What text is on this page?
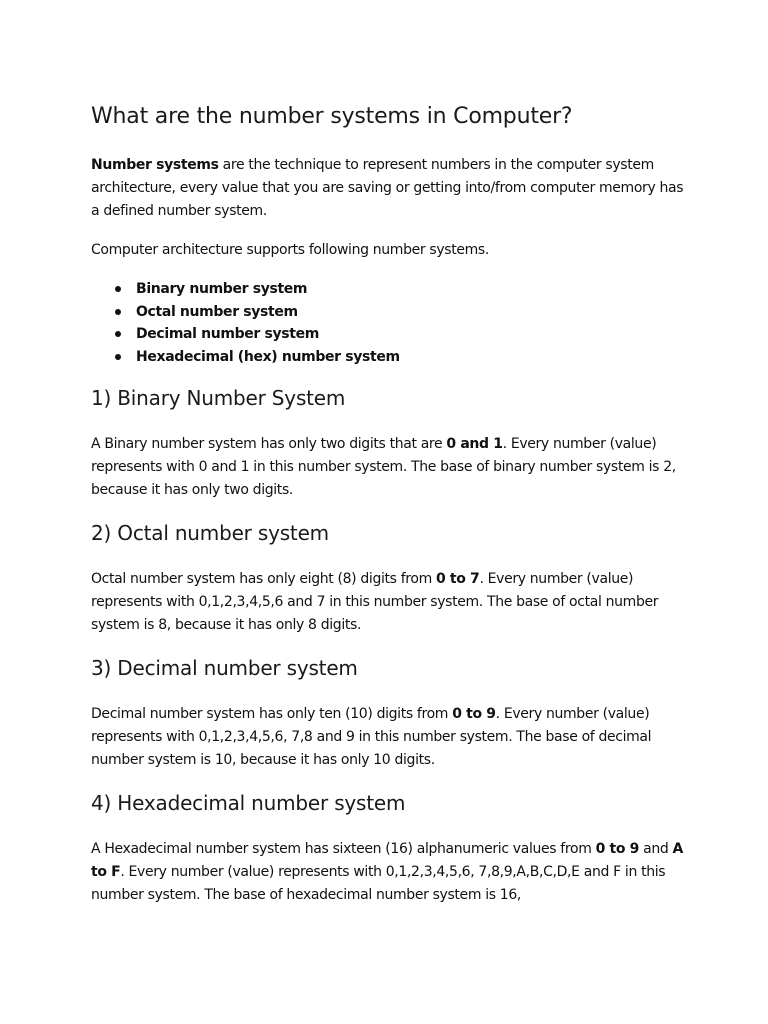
What are the number systems in Computer?

Number systems are the technique to represent numbers in the computer system architecture, every value that you are saving or getting into/from computer memory has a defined number system.

Computer architecture supports following number systems.

Binary number system
Octal number system
Decimal number system
Hexadecimal (hex) number system
1) Binary Number System

A Binary number system has only two digits that are 0 and 1. Every number (value) represents with 0 and 1 in this number system. The base of binary number system is 2, because it has only two digits.

2) Octal number system

Octal number system has only eight (8) digits from 0 to 7. Every number (value) represents with 0,1,2,3,4,5,6 and 7 in this number system. The base of octal number system is 8, because it has only 8 digits.

3) Decimal number system

Decimal number system has only ten (10) digits from 0 to 9. Every number (value) represents with 0,1,2,3,4,5,6, 7,8 and 9 in this number system. The base of decimal number system is 10, because it has only 10 digits.

4) Hexadecimal number system

A Hexadecimal number system has sixteen (16) alphanumeric values from 0 to 9 and A to F. Every number (value) represents with 0,1,2,3,4,5,6, 7,8,9,A,B,C,D,E and F in this number system. The base of hexadecimal number system is 16,
